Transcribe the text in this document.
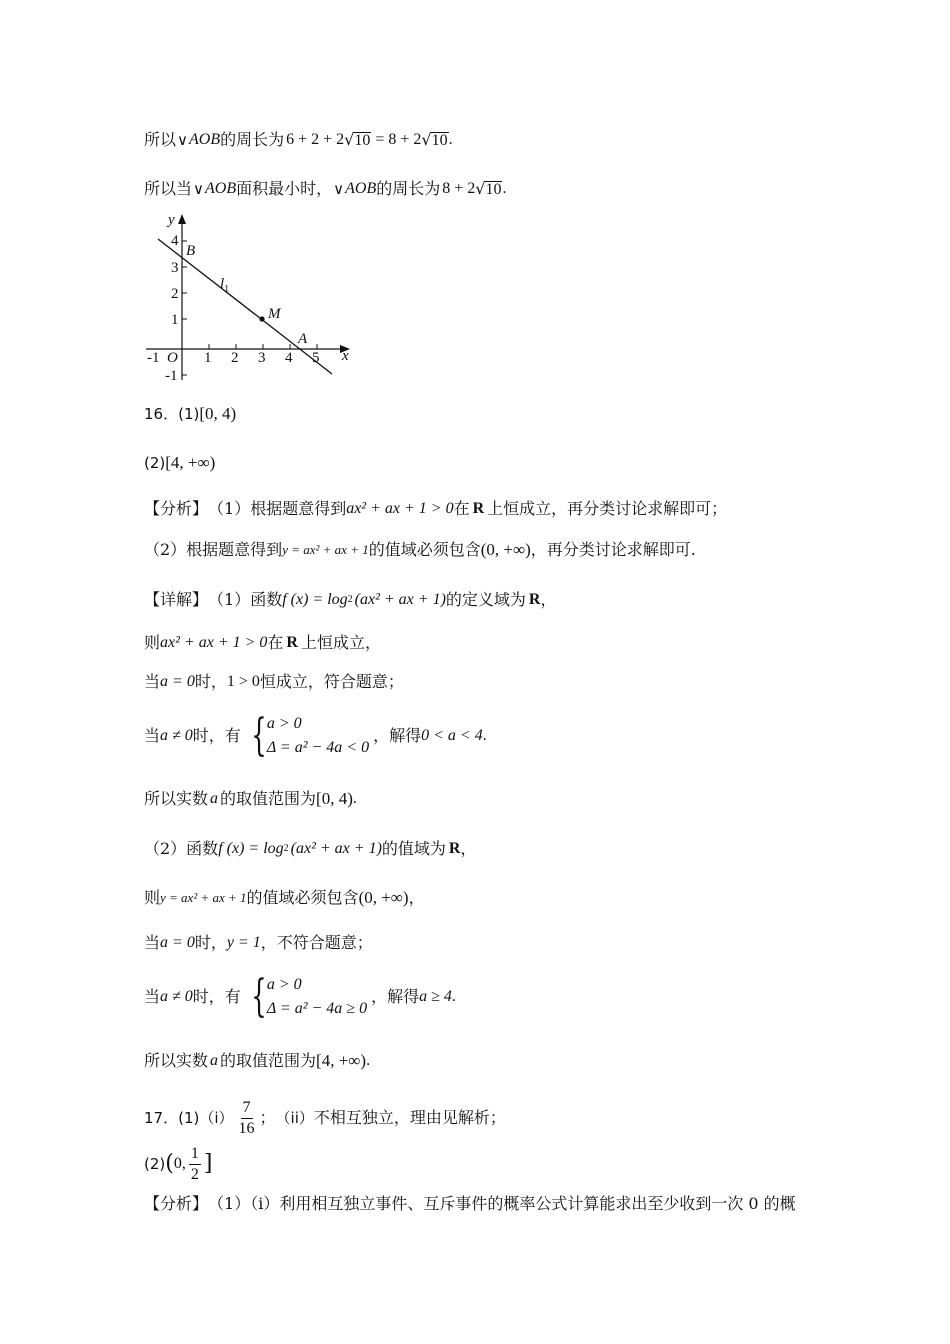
所以 ∨ AOB 的周长为 6 + 2 + 2 √ 10 = 8 + 2 √ 10 .
所以当 ∨ AOB 面积最小时， ∨ AOB 的周长为 8 + 2 √ 10 .
y
x
O
B
A
M
$l_1$
-1	1 2 3 4 5
4
3
2
1
-1
16． (1) [0, 4)
(2) [4, +∞)
【分析】 （1）根据题意得到 ax² + ax + 1 > 0 在 R 上恒成立，再分类讨论求解即可；
（2）根据题意得到 y = ax² + ax + 1 的值域必须包含 (0, +∞) ，再分类讨论求解即可.
【详解】 （1）函数 f (x) = log 2 (ax² + ax + 1) 的定义域为 R ，
则 ax² + ax + 1 > 0 在 R 上恒成立，
当 a = 0 时， 1 > 0 恒成立，符合题意；
当 a ≠ 0 时，有 { a > 0
Δ = a² − 4a < 0
，解得 0 < a < 4 .
所以实数 a 的取值范围为 [0, 4) .
（2）函数 f (x) = log 2 (ax² + ax + 1) 的值域为 R ，
则 y = ax² + ax + 1 的值域必须包含 (0, +∞) ，
当 a = 0 时， y = 1 ，不符合题意；
当 a ≠ 0 时，有 { a > 0
Δ = a² − 4a ≥ 0
，解得 a ≥ 4 .
所以实数 a 的取值范围为 [4, +∞) .
17． (1) $(i) \frac{7}{16}$ ； （ii） 不相互独立，理由见解析；
(2) ( 0, $\frac{1}{2}$ ]
【分析】 （1）（i）利用相互独立事件、互斥事件的概率公式计算能求出至少收到一次 0 的概
